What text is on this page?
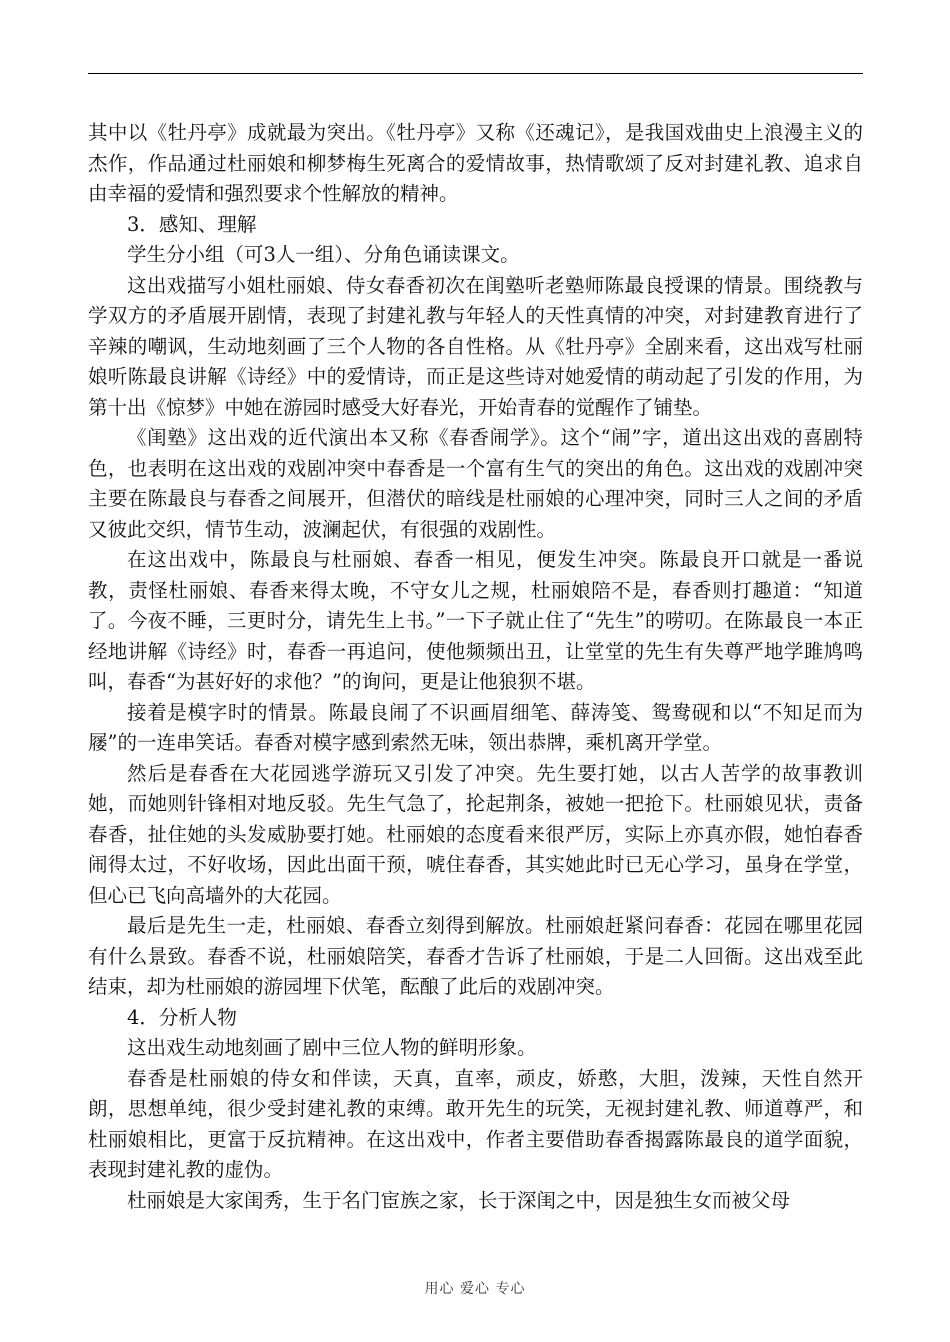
其中以《牡丹亭》成就最为突出。《牡丹亭》又称《还魂记》，是我国戏曲史上浪漫主义的杰作，作品通过杜丽娘和柳梦梅生死离合的爱情故事，热情歌颂了反对封建礼教、追求自由幸福的爱情和强烈要求个性解放的精神。

3．感知、理解

学生分小组（可3人一组）、分角色诵读课文。

这出戏描写小姐杜丽娘、侍女春香初次在闺塾听老塾师陈最良授课的情景。围绕教与学双方的矛盾展开剧情，表现了封建礼教与年轻人的天性真情的冲突，对封建教育进行了辛辣的嘲讽，生动地刻画了三个人物的各自性格。从《牡丹亭》全剧来看，这出戏写杜丽娘听陈最良讲解《诗经》中的爱情诗，而正是这些诗对她爱情的萌动起了引发的作用，为第十出《惊梦》中她在游园时感受大好春光，开始青春的觉醒作了铺垫。

《闺塾》这出戏的近代演出本又称《春香闹学》。这个“闹”字，道出这出戏的喜剧特色，也表明在这出戏的戏剧冲突中春香是一个富有生气的突出的角色。这出戏的戏剧冲突主要在陈最良与春香之间展开，但潜伏的暗线是杜丽娘的心理冲突，同时三人之间的矛盾又彼此交织，情节生动，波澜起伏，有很强的戏剧性。

在这出戏中，陈最良与杜丽娘、春香一相见，便发生冲突。陈最良开口就是一番说教，责怪杜丽娘、春香来得太晚，不守女儿之规，杜丽娘陪不是，春香则打趣道：“知道了。今夜不睡，三更时分，请先生上书。”一下子就止住了“先生”的唠叨。在陈最良一本正经地讲解《诗经》时，春香一再追问，使他频频出丑，让堂堂的先生有失尊严地学雎鸠鸣叫，春香“为甚好好的求他？”的询问，更是让他狼狈不堪。

接着是模字时的情景。陈最良闹了不识画眉细笔、薛涛笺、鸳鸯砚和以“不知足而为屦”的一连串笑话。春香对模字感到索然无味，领出恭牌，乘机离开学堂。

然后是春香在大花园逃学游玩又引发了冲突。先生要打她，以古人苦学的故事教训她，而她则针锋相对地反驳。先生气急了，抡起荆条，被她一把抢下。杜丽娘见状，责备春香，扯住她的头发威胁要打她。杜丽娘的态度看来很严厉，实际上亦真亦假，她怕春香闹得太过，不好收场，因此出面干预，唬住春香，其实她此时已无心学习，虽身在学堂，但心已飞向高墙外的大花园。

最后是先生一走，杜丽娘、春香立刻得到解放。杜丽娘赶紧问春香：花园在哪里花园有什么景致。春香不说，杜丽娘陪笑，春香才告诉了杜丽娘，于是二人回衙。这出戏至此结束，却为杜丽娘的游园埋下伏笔，酝酿了此后的戏剧冲突。

4．分析人物

这出戏生动地刻画了剧中三位人物的鲜明形象。

春香是杜丽娘的侍女和伴读，天真，直率，顽皮，娇憨，大胆，泼辣，天性自然开朗，思想单纯，很少受封建礼教的束缚。敢开先生的玩笑，无视封建礼教、师道尊严，和杜丽娘相比，更富于反抗精神。在这出戏中，作者主要借助春香揭露陈最良的道学面貌，表现封建礼教的虚伪。

杜丽娘是大家闺秀，生于名门宦族之家，长于深闺之中，因是独生女而被父母

用心 爱心 专心
